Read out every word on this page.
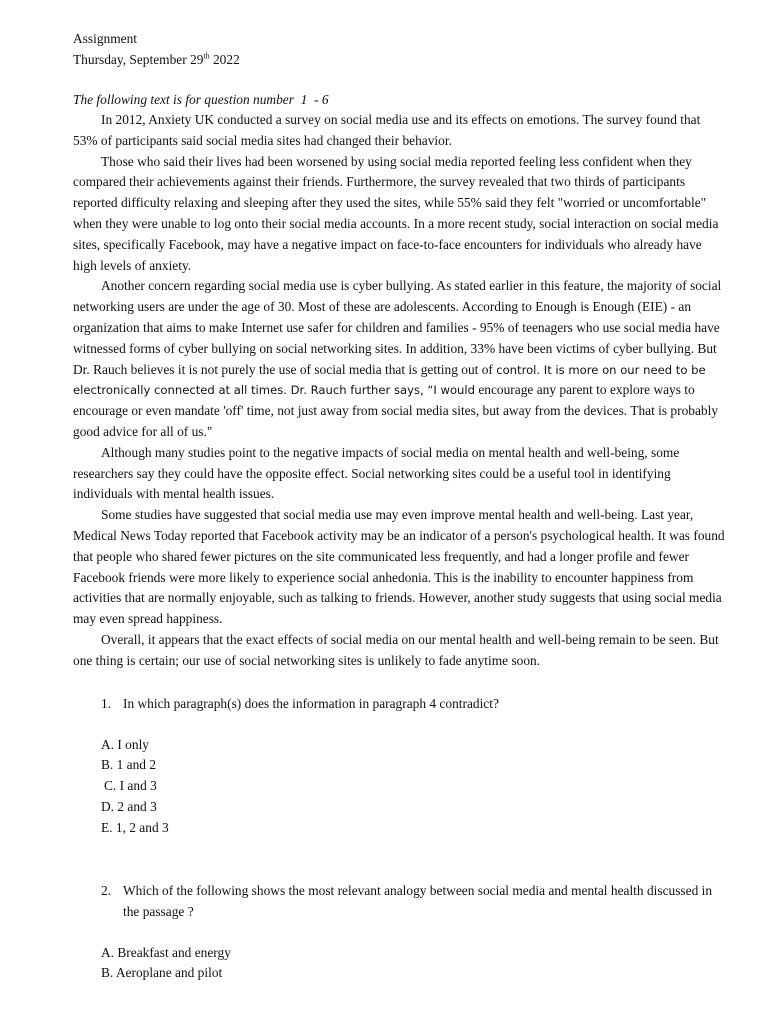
Assignment
Thursday, September 29th 2022
The following text is for question number  1  - 6

In 2012, Anxiety UK conducted a survey on social media use and its effects on emotions. The survey found that 53% of participants said social media sites had changed their behavior.

Those who said their lives had been worsened by using social media reported feeling less confident when they compared their achievements against their friends. Furthermore, the survey revealed that two thirds of participants reported difficulty relaxing and sleeping after they used the sites, while 55% said they felt "worried or uncomfortable" when they were unable to log onto their social media accounts. In a more recent study, social interaction on social media sites, specifically Facebook, may have a negative impact on face-to-face encounters for individuals who already have high levels of anxiety.

Another concern regarding social media use is cyber bullying. As stated earlier in this feature, the majority of social networking users are under the age of 30. Most of these are adolescents. According to Enough is Enough (EIE) - an organization that aims to make Internet use safer for children and families - 95% of teenagers who use social media have witnessed forms of cyber bullying on social networking sites. In addition, 33% have been victims of cyber bullying. But Dr. Rauch believes it is not purely the use of social media that is getting out of control. It is more on our need to be electronically connected at all times. Dr. Rauch further says, “I would encourage any parent to explore ways to encourage or even mandate 'off' time, not just away from social media sites, but away from the devices. That is probably good advice for all of us."

Although many studies point to the negative impacts of social media on mental health and well-being, some researchers say they could have the opposite effect. Social networking sites could be a useful tool in identifying individuals with mental health issues.

Some studies have suggested that social media use may even improve mental health and well-being. Last year, Medical News Today reported that Facebook activity may be an indicator of a person's psychological health. It was found that people who shared fewer pictures on the site communicated less frequently, and had a longer profile and fewer Facebook friends were more likely to experience social anhedonia. This is the inability to encounter happiness from activities that are normally enjoyable, such as talking to friends. However, another study suggests that using social media may even spread happiness.

Overall, it appears that the exact effects of social media on our mental health and well-being remain to be seen. But one thing is certain; our use of social networking sites is unlikely to fade anytime soon.

1. In which paragraph(s) does the information in paragraph 4 contradict?
A. I only
B. 1 and 2
C. I and 3
D. 2 and 3
E. 1, 2 and 3
2. Which of the following shows the most relevant analogy between social media and mental health discussed in the passage ?
A. Breakfast and energy
B. Aeroplane and pilot
